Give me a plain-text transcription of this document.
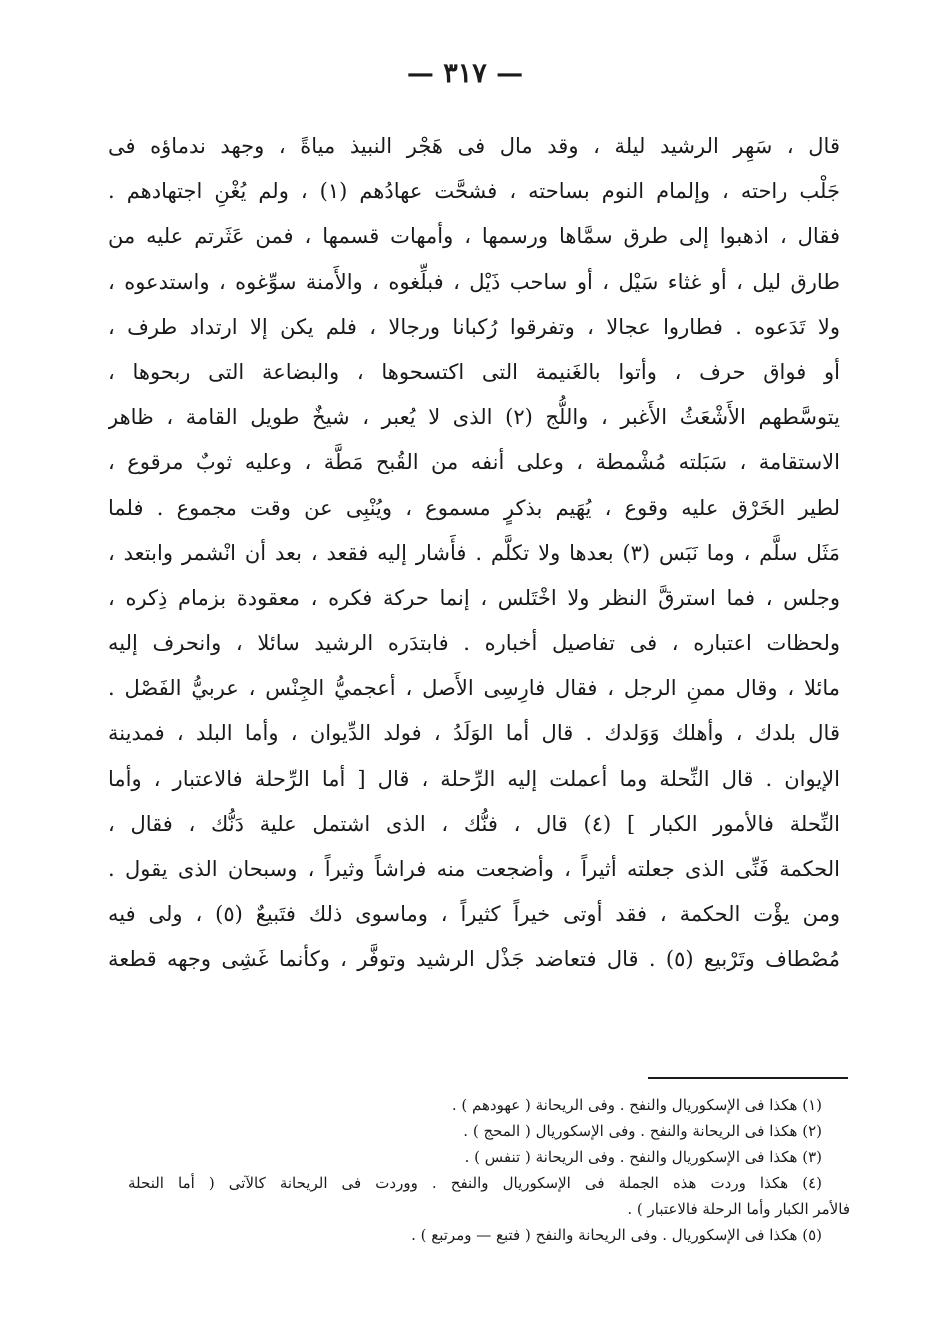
— ٣١٧ —
قال ، سَهِر الرشيد ليلة ، وقد مال فى هَجْر النبيذ مياةً ، وجهد ندماؤه فى
جَلْب راحته ، وإلمام النوم بساحته ، فشحَّت عهادُهم (١) ، ولم يُغْنِ اجتهادهم .
فقال ، اذهبوا إلى طرق سمَّاها ورسمها ، وأمهات قسمها ، فمن عَثَرتم عليه من
طارق ليل ، أو غثاء سَيْل ، أو ساحب ذَيْل ، فبلِّغوه ، والأَمنة سوِّغوه ، واستدعوه ،
ولا تَدَعوه . فطاروا عجالا ، وتفرقوا رُكبانا ورجالا ، فلم يكن إلا ارتداد طرف ،
أو فواق حرف ، وأتوا بالغَنيمة التى اكتسحوها ، والبضاعة التى ربحوها ،
يتوسَّطهم الأَشْعَثُ الأَغبر ، واللُّج (٢) الذى لا يُعبر ، شيخٌ طويل القامة ، ظاهر
الاستقامة ، سَبَلته مُشْمطة ، وعلى أنفه من القُبح مَطَّة ، وعليه ثوبٌ مرقوع ،
لطير الخَرْق عليه وقوع ، يُهَيم بذكرٍ مسموع ، ويُنْبِى عن وقت مجموع . فلما
مَثَل سلَّم ، وما نَبَس (٣) بعدها ولا تكلَّم . فأَشار إليه فقعد ، بعد أن انْشمر وابتعد ،
وجلس ، فما استرقَّ النظر ولا اخْتَلس ، إنما حركة فكره ، معقودة بزمام ذِكره ،
ولحظات اعتباره ، فى تفاصيل أخباره . فابتدَره الرشيد سائلا ، وانحرف إليه
مائلا ، وقال ممنِ الرجل ، فقال فارِسِى الأَصل ، أعجميُّ الجِنْس ، عربيُّ الفَصْل .
قال بلدك ، وأهلك وَوَلدك . قال أما الوَلَدُ ، فولد الدِّيوان ، وأما البلد ، فمدينة
الإيوان . قال النِّحلة وما أعملت إليه الرِّحلة ، قال [ أما الرِّحلة فالاعتبار ، وأما
النِّحلة فالأمور الكبار ] (٤) قال ، فنُّك ، الذى اشتمل علية دَنُّك ، فقال ،
الحكمة فَنِّى الذى جعلته أثيراً ، وأضجعت منه فراشاً وثيراً ، وسبحان الذى يقول .
ومن يؤْت الحكمة ، فقد أوتى خيراً كثيراً ، وماسوى ذلك فتَبيعٌ (٥) ، ولى فيه
مُصْطاف وتَرْبيع (٥) . قال فتعاضد جَذْل الرشيد وتوفَّر ، وكأنما غَشِى وجهه قطعة
(١) هكذا فى الإسكوريال والنفح . وفى الريحانة ( عهودهم ) .
(٢) هكذا فى الريحانة والنفح . وفى الإسكوريال ( المحج ) .
(٣) هكذا فى الإسكوريال والنفح . وفى الريحانة ( تنفس ) .
(٤) هكذا وردت هذه الجملة فى الإسكوريال والنفح . ووردت فى الريحانة كالآتى ( أما النحلة
فالأمر الكبار وأما الرحلة فالاعتبار ) .
(٥) هكذا فى الإسكوريال . وفى الريحانة والنفح ( فتبع — ومرتبع ) .
